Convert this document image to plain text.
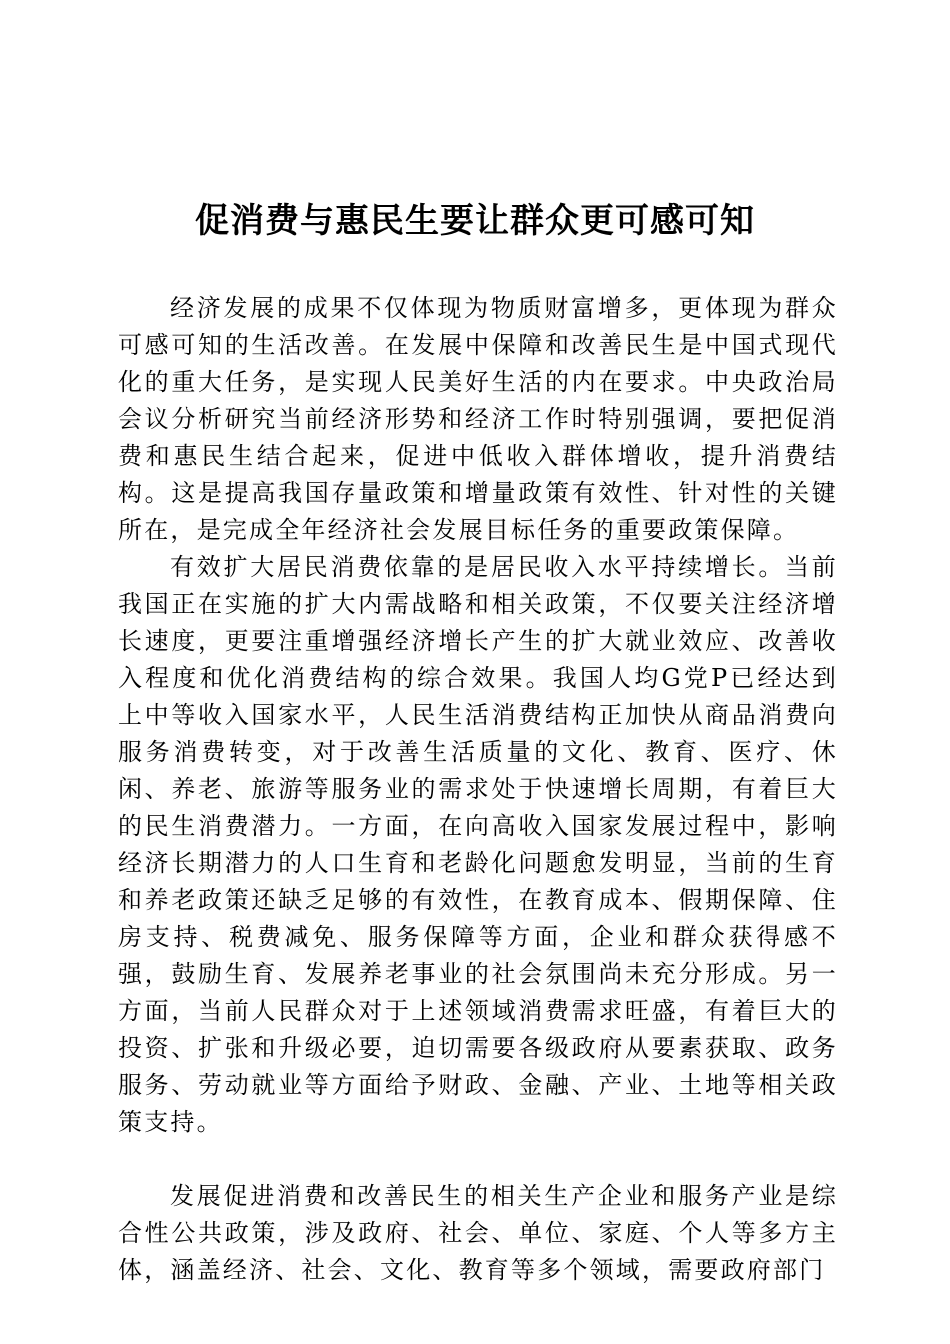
促消费与惠民生要让群众更可感可知

经济发展的成果不仅体现为物质财富增多，更体现为群众可感可知的生活改善。在发展中保障和改善民生是中国式现代化的重大任务，是实现人民美好生活的内在要求。中央政治局会议分析研究当前经济形势和经济工作时特别强调，要把促消费和惠民生结合起来，促进中低收入群体增收，提升消费结构。这是提高我国存量政策和增量政策有效性、针对性的关键所在，是完成全年经济社会发展目标任务的重要政策保障。

有效扩大居民消费依靠的是居民收入水平持续增长。当前我国正在实施的扩大内需战略和相关政策，不仅要关注经济增长速度，更要注重增强经济增长产生的扩大就业效应、改善收入程度和优化消费结构的综合效果。我国人均G党P已经达到上中等收入国家水平，人民生活消费结构正加快从商品消费向服务消费转变，对于改善生活质量的文化、教育、医疗、休闲、养老、旅游等服务业的需求处于快速增长周期，有着巨大的民生消费潜力。一方面，在向高收入国家发展过程中，影响经济长期潜力的人口生育和老龄化问题愈发明显，当前的生育和养老政策还缺乏足够的有效性，在教育成本、假期保障、住房支持、税费减免、服务保障等方面，企业和群众获得感不强，鼓励生育、发展养老事业的社会氛围尚未充分形成。另一方面，当前人民群众对于上述领域消费需求旺盛，有着巨大的投资、扩张和升级必要，迫切需要各级政府从要素获取、政务服务、劳动就业等方面给予财政、金融、产业、土地等相关政策支持。

发展促进消费和改善民生的相关生产企业和服务产业是综合性公共政策，涉及政府、社会、单位、家庭、个人等多方主体，涵盖经济、社会、文化、教育等多个领域，需要政府部门
